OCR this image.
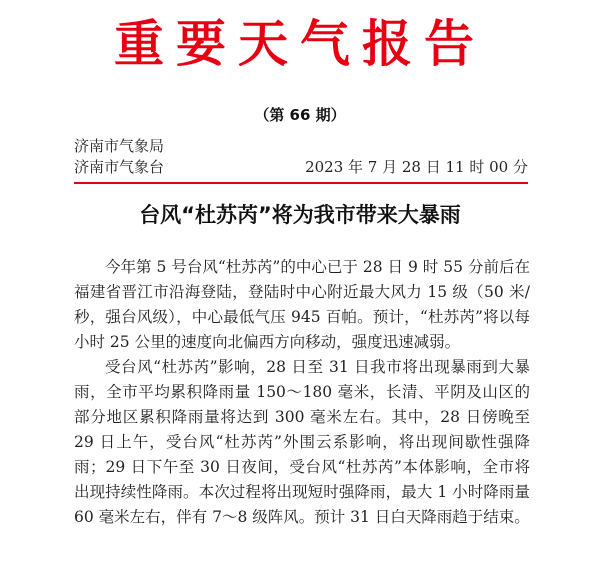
重要天气报告
（第 66 期）
济南市气象局
济南市气象台	2023 年 7 月 28 日 11 时 00 分
台风“杜苏芮”将为我市带来大暴雨

今年第 5 号台风“杜苏芮”的中心已于 28 日 9 时 55 分前后在福建省晋江市沿海登陆，登陆时中心附近最大风力 15 级（50 米/秒，强台风级），中心最低气压 945 百帕。预计，“杜苏芮”将以每小时 25 公里的速度向北偏西方向移动，强度迅速减弱。

受台风“杜苏芮”影响，28 日至 31 日我市将出现暴雨到大暴雨，全市平均累积降雨量 150～180 毫米，长清、平阴及山区的部分地区累积降雨量将达到 300 毫米左右。其中，28 日傍晚至 29 日上午，受台风“杜苏芮”外围云系影响，将出现间歇性强降雨；29 日下午至 30 日夜间，受台风“杜苏芮”本体影响，全市将出现持续性降雨。本次过程将出现短时强降雨，最大 1 小时降雨量 60 毫米左右，伴有 7～8 级阵风。预计 31 日白天降雨趋于结束。
